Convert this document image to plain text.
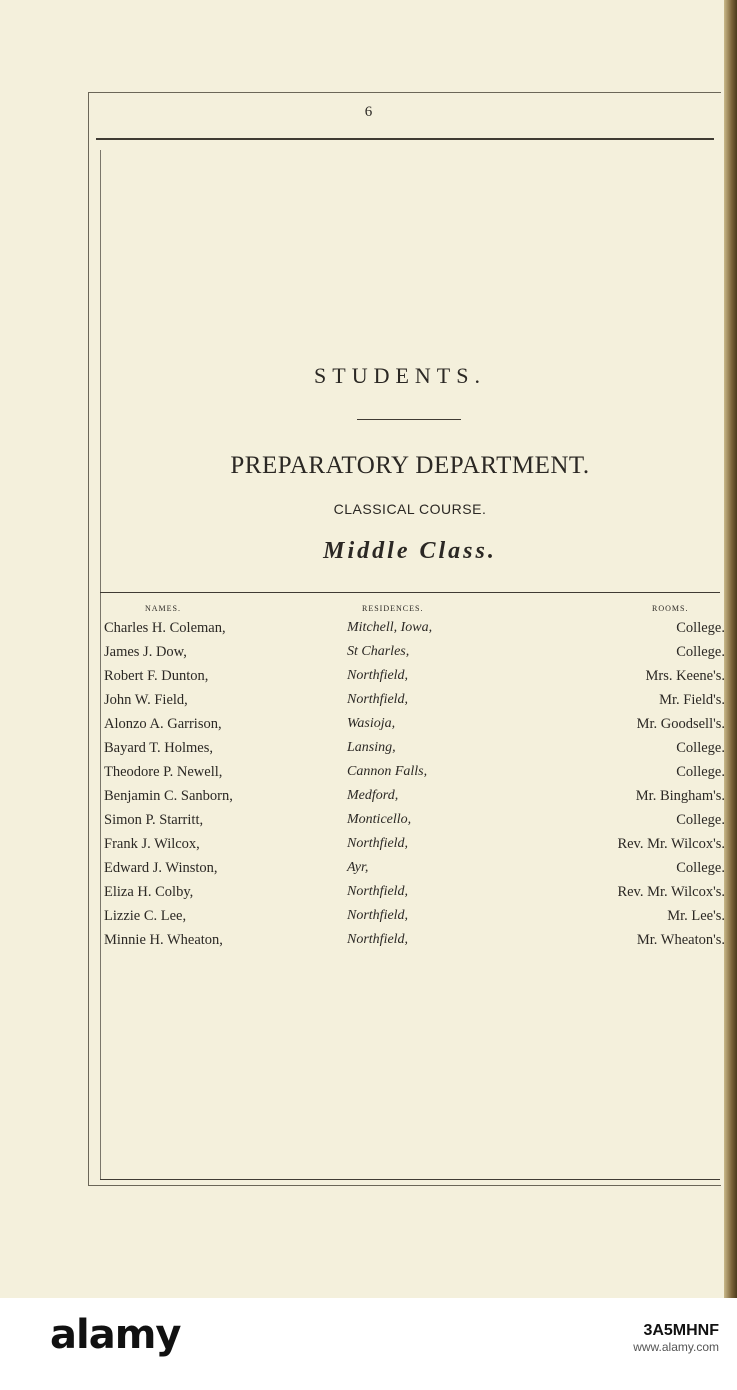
6
STUDENTS.
PREPARATORY DEPARTMENT.
CLASSICAL COURSE.
Middle Class.
NAMES.	RESIDENCES.	ROOMS.
Charles H. Coleman,	Mitchell, Iowa,	College.
James J. Dow,	St Charles,	College.
Robert F. Dunton,	Northfield,	Mrs. Keene's.
John W. Field,	Northfield,	Mr. Field's.
Alonzo A. Garrison,	Wasioja,	Mr. Goodsell's.
Bayard T. Holmes,	Lansing,	College.
Theodore P. Newell,	Cannon Falls,	College.
Benjamin C. Sanborn,	Medford,	Mr. Bingham's.
Simon P. Starritt,	Monticello,	College.
Frank J. Wilcox,	Northfield,	Rev. Mr. Wilcox's.
Edward J. Winston,	Ayr,	College.
Eliza H. Colby,	Northfield,	Rev. Mr. Wilcox's.
Lizzie C. Lee,	Northfield,	Mr. Lee's.
Minnie H. Wheaton,	Northfield,	Mr. Wheaton's.
alamy	3A5MHNF
www.alamy.com
